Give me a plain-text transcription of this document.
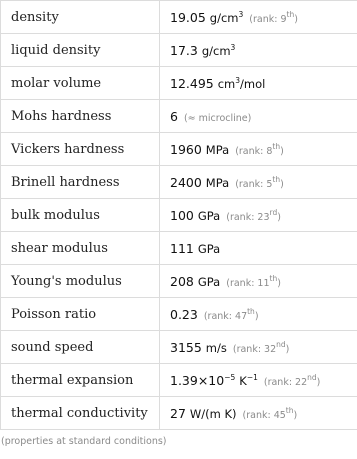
density	19.05 $g/cm^3$ (rank: 9th)
liquid density	17.3 $g/cm^3$
molar volume	12.495 $cm^3$/mol
Mohs hardness	6 (≈ microcline)
Vickers hardness	1960 MPa (rank: 8th)
Brinell hardness	2400 MPa (rank: 5th)
bulk modulus	100 GPa (rank: 23rd)
shear modulus	111 GPa
Young's modulus	208 GPa (rank: 11th)
Poisson ratio	0.23 (rank: 47th)
sound speed	3155 m/s (rank: 32nd)
thermal expansion	$1.39\times 10^{-5}$ $K^{-1}$ (rank: 22nd)
thermal conductivity	27 W/(m K) (rank: 45th)
(properties at standard conditions)
